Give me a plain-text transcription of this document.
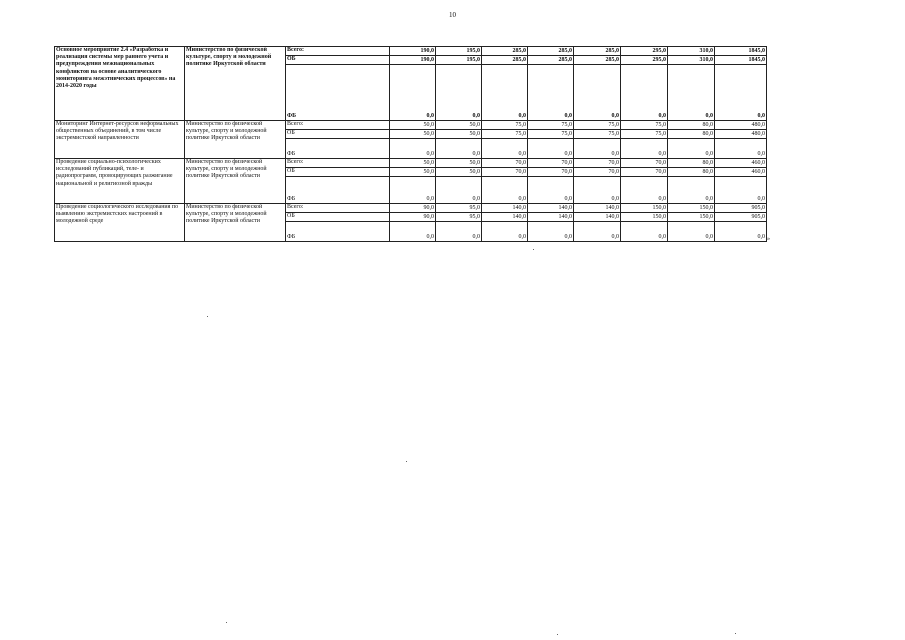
10
Основное мероприятие 2.4 «Разработка и реализация системы мер раннего учета и предупреждения межнациональных конфликтов на основе аналитического мониторинга межэтнических процессов» на 2014-2020 годы	Министерство по физической культуре, спорту и молодежной политике Иркутской области	Всего:	190,0	195,0	285,0	285,0	285,0	295,0	310,0	1845,0
		ОБ	190,0	195,0	285,0	285,0	285,0	295,0	310,0	1845,0
		ФБ	0,0	0,0	0,0	0,0	0,0	0,0	0,0	0,0
Мониторинг Интернет-ресурсов неформальных общественных объединений, в том числе экстремистской направленности	Министерство по физической культуре, спорту и молодежной политике Иркутской области	Всего:	50,0	50,0	75,0	75,0	75,0	75,0	80,0	480,0
		ОБ	50,0	50,0	75,0	75,0	75,0	75,0	80,0	480,0
		ФБ	0,0	0,0	0,0	0,0	0,0	0,0	0,0	0,0
Проведение социально-психологических исследований публикаций, теле- и радиопрограмм, провоцирующих разжигание национальной и религиозной вражды	Министерство по физической культуре, спорту и молодежной политике Иркутской области	Всего:	50,0	50,0	70,0	70,0	70,0	70,0	80,0	460,0
		ОБ	50,0	50,0	70,0	70,0	70,0	70,0	80,0	460,0
		ФБ	0,0	0,0	0,0	0,0	0,0	0,0	0,0	0,0
Проведение социологического исследования по выявлению экстремистских настроений в молодежной среде	Министерство по физической культуре, спорту и молодежной политике Иркутской области	Всего:	90,0	95,0	140,0	140,0	140,0	150,0	150,0	905,0
		ОБ	90,0	95,0	140,0	140,0	140,0	150,0	150,0	905,0
		ФБ	0,0	0,0	0,0	0,0	0,0	0,0	0,0	0,0 »
